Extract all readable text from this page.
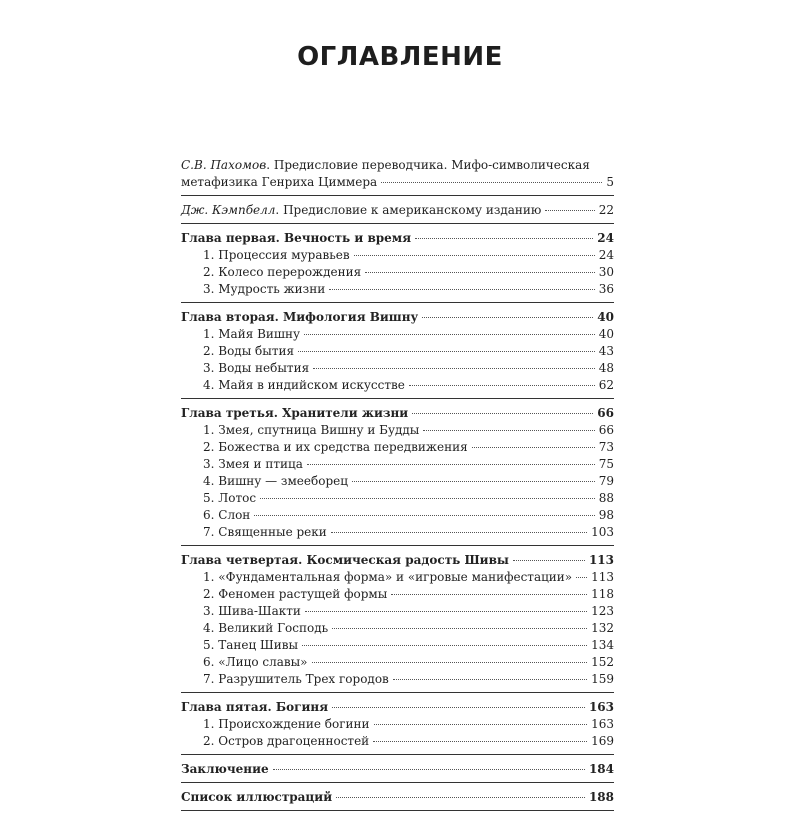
ОГЛАВЛЕНИЕ
С.В. Пахомов. Предисловие переводчика. Мифо-символическая
метафизика Генриха Циммера	5
Дж. Кэмпбелл. Предисловие к американскому изданию	22
Глава первая. Вечность и время	24
1. Процессия муравьев	24
2. Колесо перерождения	30
3. Мудрость жизни	36
Глава вторая. Мифология Вишну	40
1. Майя Вишну	40
2. Воды бытия	43
3. Воды небытия	48
4. Майя в индийском искусстве	62
Глава третья. Хранители жизни	66
1. Змея, спутница Вишну и Будды	66
2. Божества и их средства передвижения	73
3. Змея и птица	75
4. Вишну — змееборец	79
5. Лотос	88
6. Слон	98
7. Священные реки	103
Глава четвертая. Космическая радость Шивы	113
1. «Фундаментальная форма» и «игровые манифестации» 113
2. Феномен растущей формы	118
3. Шива-Шакти	123
4. Великий Господь	132
5. Танец Шивы	134
6. «Лицо славы»	152
7. Разрушитель Трех городов	159
Глава пятая. Богиня	163
1. Происхождение богини	163
2. Остров драгоценностей	169
Заключение	184
Список иллюстраций	188
